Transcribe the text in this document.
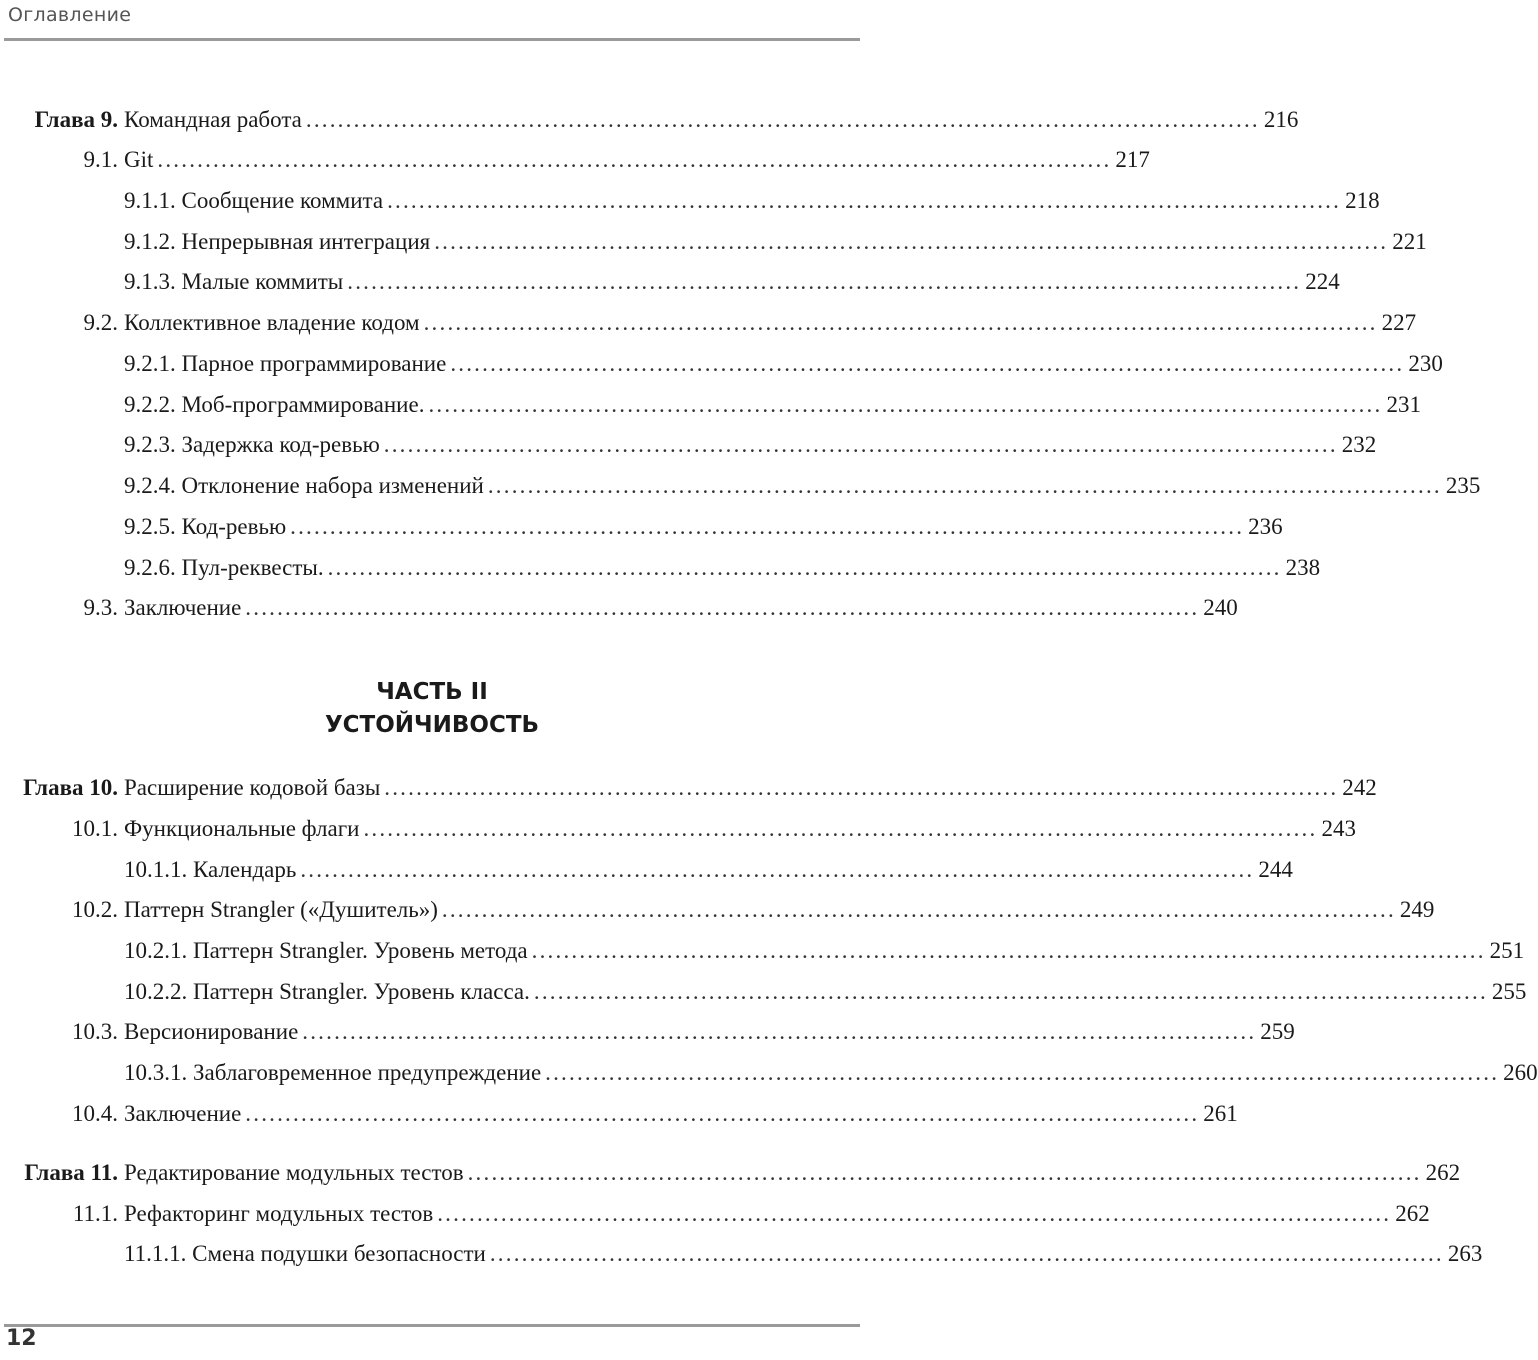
Оглавление
Глава 9. Командная работа ........................................................................................................................ 216
9.1. Git ........................................................................................................................ 217
9.1.1. Сообщение коммита ........................................................................................................................ 218
9.1.2. Непрерывная интеграция ........................................................................................................................ 221
9.1.3. Малые коммиты ........................................................................................................................ 224
9.2. Коллективное владение кодом ........................................................................................................................ 227
9.2.1. Парное программирование ........................................................................................................................ 230
9.2.2. Моб-программирование. ........................................................................................................................ 231
9.2.3. Задержка код-ревью ........................................................................................................................ 232
9.2.4. Отклонение набора изменений ........................................................................................................................ 235
9.2.5. Код-ревью ........................................................................................................................ 236
9.2.6. Пул-реквесты. ........................................................................................................................ 238
9.3. Заключение ........................................................................................................................ 240
ЧАСТЬ II
УСТОЙЧИВОСТЬ
Глава 10. Расширение кодовой базы ........................................................................................................................ 242
10.1. Функциональные флаги ........................................................................................................................ 243
10.1.1. Календарь ........................................................................................................................ 244
10.2. Паттерн Strangler («Душитель») ........................................................................................................................ 249
10.2.1. Паттерн Strangler. Уровень метода ........................................................................................................................ 251
10.2.2. Паттерн Strangler. Уровень класса. ........................................................................................................................ 255
10.3. Версионирование ........................................................................................................................ 259
10.3.1. Заблаговременное предупреждение ........................................................................................................................ 260
10.4. Заключение ........................................................................................................................ 261
Глава 11. Редактирование модульных тестов ........................................................................................................................ 262
11.1. Рефакторинг модульных тестов ........................................................................................................................ 262
11.1.1. Смена подушки безопасности ........................................................................................................................ 263
12
